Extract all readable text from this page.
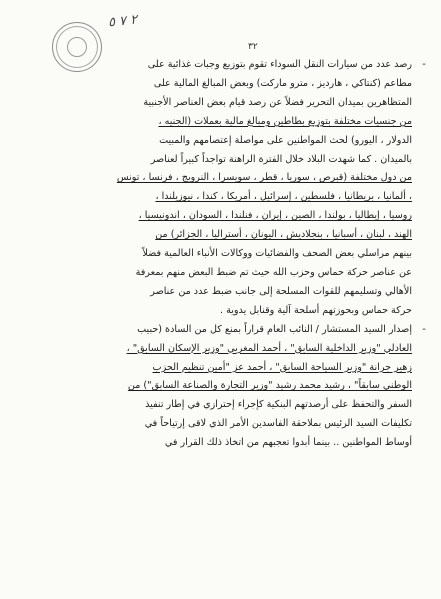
٢ ٧ ٥
٣٢
-
رصد عدد من سيارات النقل السوداء تقوم بتوزيع وجبات غذائية على
مطاعم (كنتاكي ، هارديز ، مترو ماركت) وبعض المبالغ المالية على
المتظاهرين بميدان التحرير فضلاً عن رصد قيام بعض العناصر الأجنبية
من جنسيات مختلفة بتوزيع بطاطين ومبالغ مالية بعملات (الجنيه ،
الدولار ، اليورو) لحث المواطنين على مواصلة إعتصامهم والمبيت
بالميدان . كما شهدت البلاد خلال الفترة الراهنة تواجداً كبيراً لعناصر
من دول مختلفة (قبرص ، سوريا ، قطر ، سويسرا ، النرويج ، فرنسا ، تونس
، ألمانيا ، بريطانيا ، فلسطين ، إسرائيل ، أمريكا ، كندا ، نيوزيلندا ،
روسيا ، إيطاليا ، بولندا ، الصين ، إيران ، فنلندا ، السودان ، اندونيسيا ،
الهند ، لبنان ، أسبانيا ، بنجلاديش ، اليونان ، أستراليا ، الجزائر) من
بينهم مراسلي بعض الصحف والفضائيات ووكالات الأنباء العالمية فضلاً
عن عناصر حركة حماس وحزب الله حيث تم ضبط البعض منهم بمعرفة
الأهالي وتسليمهم للقوات المسلحة إلى جانب ضبط عدد من عناصر
حركة حماس وبحوزتهم أسلحة آلية وقنابل يدوية .
-
إصدار السيد المستشار / النائب العام قراراً بمنع كل من السادة (حبيب
العادلي "وزير الداخلية السابق" ، أحمد المغربي "وزير الإسكان السابق" ،
زهير جرانة "وزير السياحة السابق" ، أحمد عز "أمين تنظيم الحزب
الوطني سابقاً" ، رشيد محمد رشيد "وزير التجارة والصناعة السابق") من
السفر والتحفظ على أرصدتهم البنكية كإجراء إحترازي في إطار تنفيذ
تكليفات السيد الرئيس بملاحقة الفاسدين الأمر الذي لاقى إرتياحاً في
أوساط المواطنين .. بينما أبدوا تعجبهم من اتخاذ ذلك القرار في
